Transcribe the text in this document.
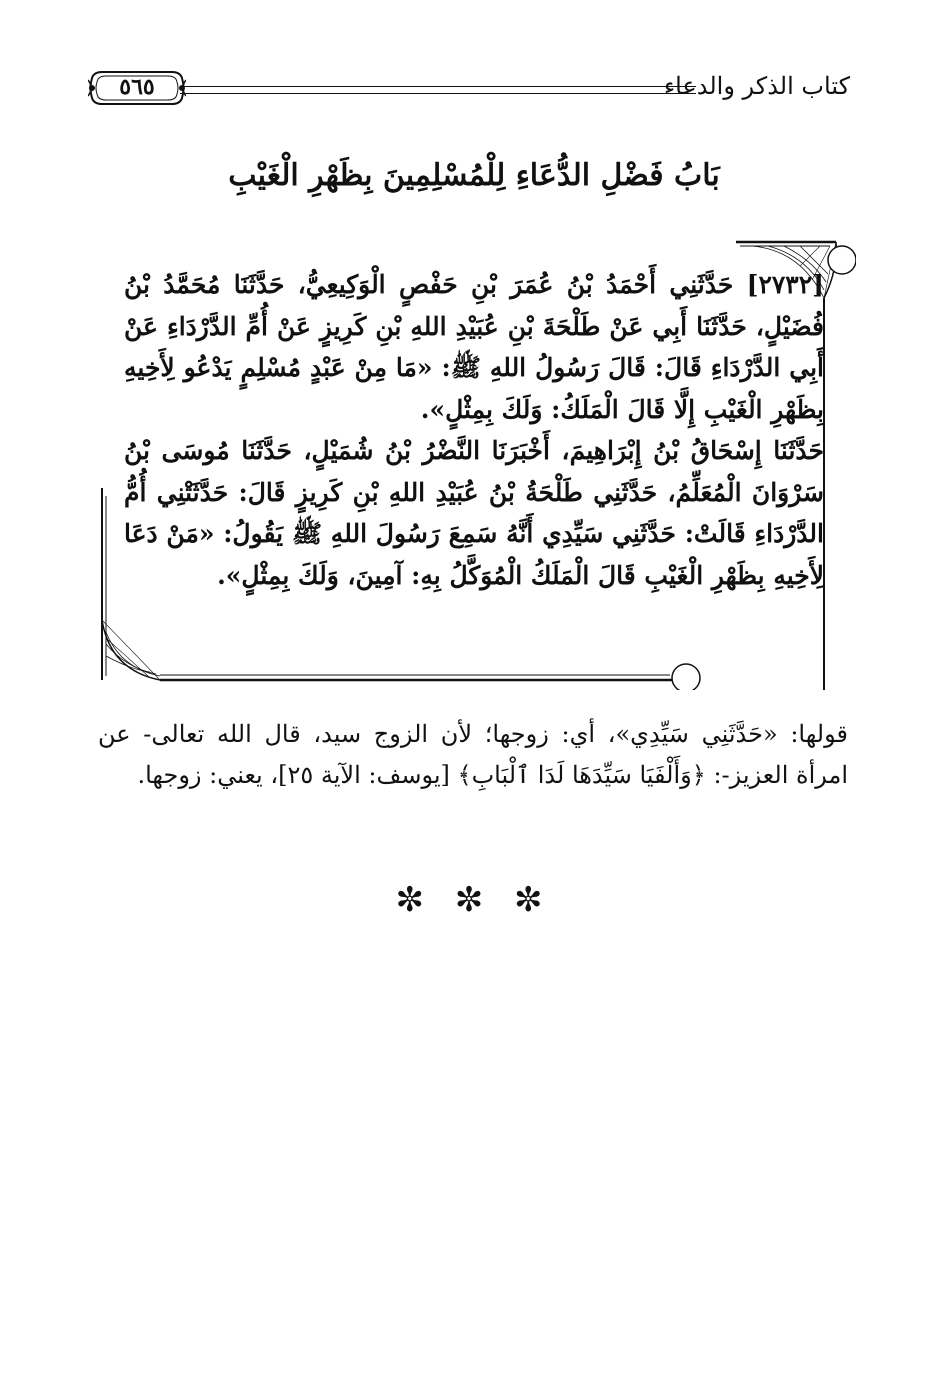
كتاب الذكر والدعاء
٥٦٥
بَابُ فَضْلِ الدُّعَاءِ لِلْمُسْلِمِينَ بِظَهْرِ الْغَيْبِ

[٢٧٣٢] حَدَّثَنِي أَحْمَدُ بْنُ عُمَرَ بْنِ حَفْصٍ الْوَكِيعِيُّ، حَدَّثَنَا مُحَمَّدُ بْنُ فُضَيْلٍ، حَدَّثَنَا أَبِي عَنْ طَلْحَةَ بْنِ عُبَيْدِ اللهِ بْنِ كَرِيزٍ عَنْ أُمِّ الدَّرْدَاءِ عَنْ أَبِي الدَّرْدَاءِ قَالَ: قَالَ رَسُولُ اللهِ ﷺ: «مَا مِنْ عَبْدٍ مُسْلِمٍ يَدْعُو لِأَخِيهِ بِظَهْرِ الْغَيْبِ إِلَّا قَالَ الْمَلَكُ: وَلَكَ بِمِثْلٍ».

حَدَّثَنَا إِسْحَاقُ بْنُ إِبْرَاهِيمَ، أَخْبَرَنَا النَّضْرُ بْنُ شُمَيْلٍ، حَدَّثَنَا مُوسَى بْنُ سَرْوَانَ الْمُعَلِّمُ، حَدَّثَنِي طَلْحَةُ بْنُ عُبَيْدِ اللهِ بْنِ كَرِيزٍ قَالَ: حَدَّثَتْنِي أُمُّ الدَّرْدَاءِ قَالَتْ: حَدَّثَنِي سَيِّدِي أَنَّهُ سَمِعَ رَسُولَ اللهِ ﷺ يَقُولُ: «مَنْ دَعَا لِأَخِيهِ بِظَهْرِ الْغَيْبِ قَالَ الْمَلَكُ الْمُوَكَّلُ بِهِ: آمِينَ، وَلَكَ بِمِثْلٍ».

قولها: «حَدَّثَنِي سَيِّدِي»، أي: زوجها؛ لأن الزوج سيد، قال الله تعالى- عن امرأة العزيز-: ﴿وَأَلْفَيَا سَيِّدَهَا لَدَا ٱلْبَابِ﴾ [يوسف: الآية ٢٥]، يعني: زوجها.

✼ ✼ ✼
